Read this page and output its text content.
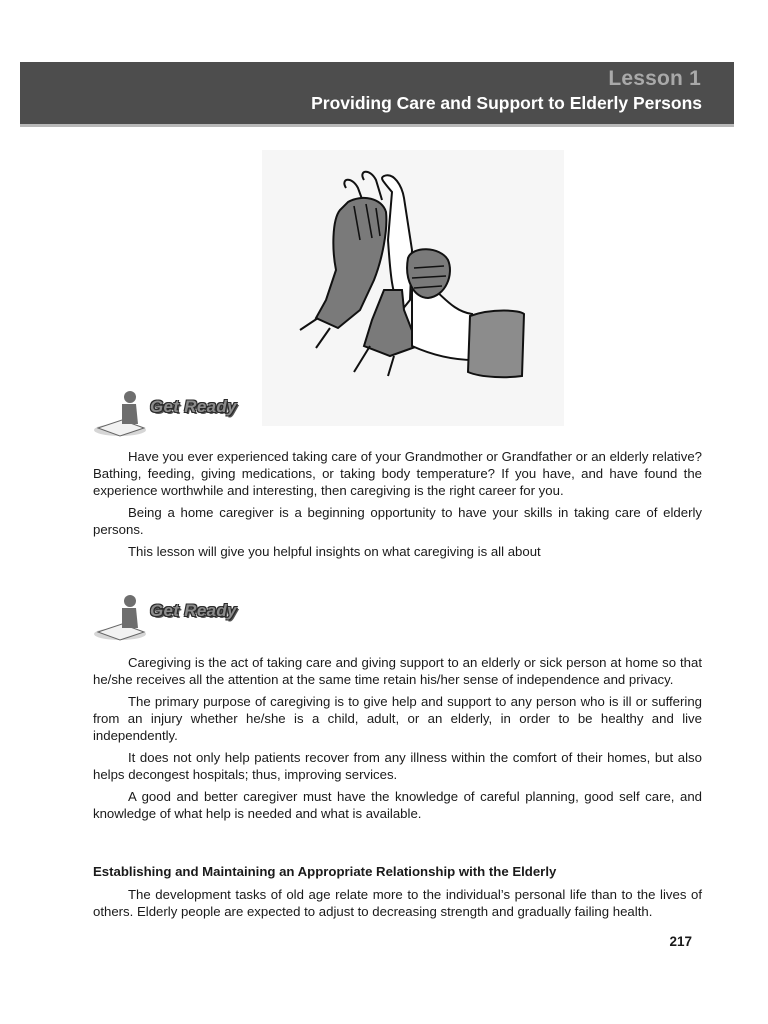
Lesson 1
Providing Care and Support to Elderly Persons
Get Ready

Have you ever experienced taking care of your Grandmother or Grandfather or an elderly relative? Bathing, feeding, giving medications, or taking body temperature? If you have, and have found the experience worthwhile and interesting, then caregiving is the right career for you.

Being a home caregiver is a beginning opportunity to have your skills in taking care of elderly persons.

This lesson will give you helpful insights on what caregiving is all about

Get Ready

Caregiving is the act of taking care and giving support to an elderly or sick person at home so that he/she receives all the attention at the same time retain his/her sense of independence and privacy.

The primary purpose of caregiving is to give help and support to any person who is ill or suffering from an injury whether he/she is a child, adult, or an elderly, in order to be healthy and live independently.

It does not only help patients recover from any illness within the comfort of their homes, but also helps decongest hospitals; thus, improving services.

A good and better caregiver must have the knowledge of careful planning, good self care, and knowledge of what help is needed and what is available.

Establishing and Maintaining an Appropriate Relationship with the Elderly

The development tasks of old age relate more to the individual’s personal life than to the lives of others. Elderly people are expected to adjust to decreasing strength and gradually failing health.

217
